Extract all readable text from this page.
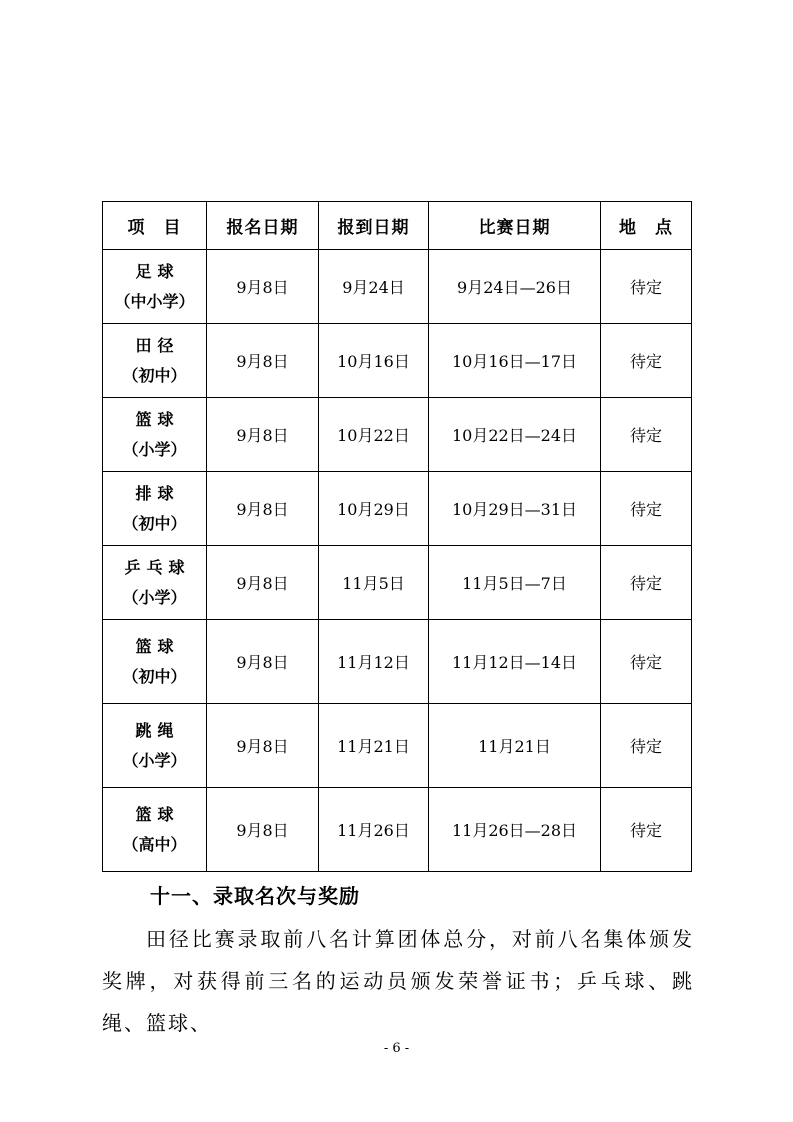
项　目	报名日期	报到日期	比赛日期	地　点

足球
（中小学）	9月8日	9月24日	9月24日—26日	待定

田径
（初中）	9月8日	10月16日	10月16日—17日	待定

篮球
（小学）	9月8日	10月22日	10月22日—24日	待定

排球
（初中）	9月8日	10月29日	10月29日—31日	待定

乒乓球
（小学）	9月8日	11月5日	11月5日—7日	待定

篮球
（初中）	9月8日	11月12日	11月12日—14日	待定

跳绳
（小学）	9月8日	11月21日	11月21日	待定

篮球
（高中）	9月8日	11月26日	11月26日—28日	待定
十一、录取名次与奖励

田径比赛录取前八名计算团体总分，对前八名集体颁发奖牌，对获得前三名的运动员颁发荣誉证书；乒乓球、跳绳、篮球、

- 6 -
